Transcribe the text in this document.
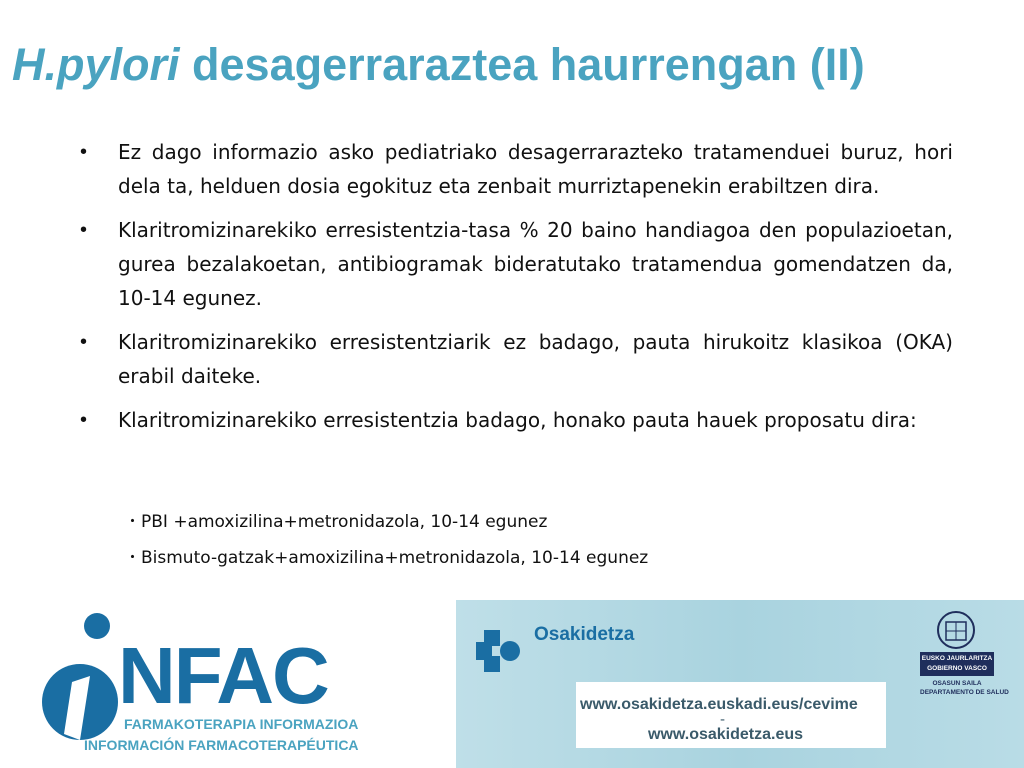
H.pylori desagerraraztea haurrengan (II)
• Ez dago informazio asko pediatriako desagerrarazteko tratamenduei buruz, hori dela ta, helduen dosia egokituz eta zenbait murriztapenekin erabiltzen dira.
• Klaritromizinarekiko erresistentzia-tasa % 20 baino handiagoa den populazioetan, gurea bezalakoetan, antibiogramak bideratutako tratamendua gomendatzen da, 10-14 egunez.
• Klaritromizinarekiko erresistentziarik ez badago, pauta hirukoitz klasikoa (OKA) erabil daiteke.
• Klaritromizinarekiko erresistentzia badago, honako pauta hauek proposatu dira:
・PBI +amoxizilina+metronidazola, 10-14 egunez
・Bismuto-gatzak+amoxizilina+metronidazola, 10-14 egunez
NFAC
FARMAKOTERAPIA INFORMAZIOA
INFORMACIÓN FARMACOTERAPÉUTICA
Osakidetza
www.osakidetza.euskadi.eus/cevime
-
www.osakidetza.eus
EUSKO JAURLARITZA
GOBIERNO VASCO
OSASUN SAILA
DEPARTAMENTO DE SALUD
